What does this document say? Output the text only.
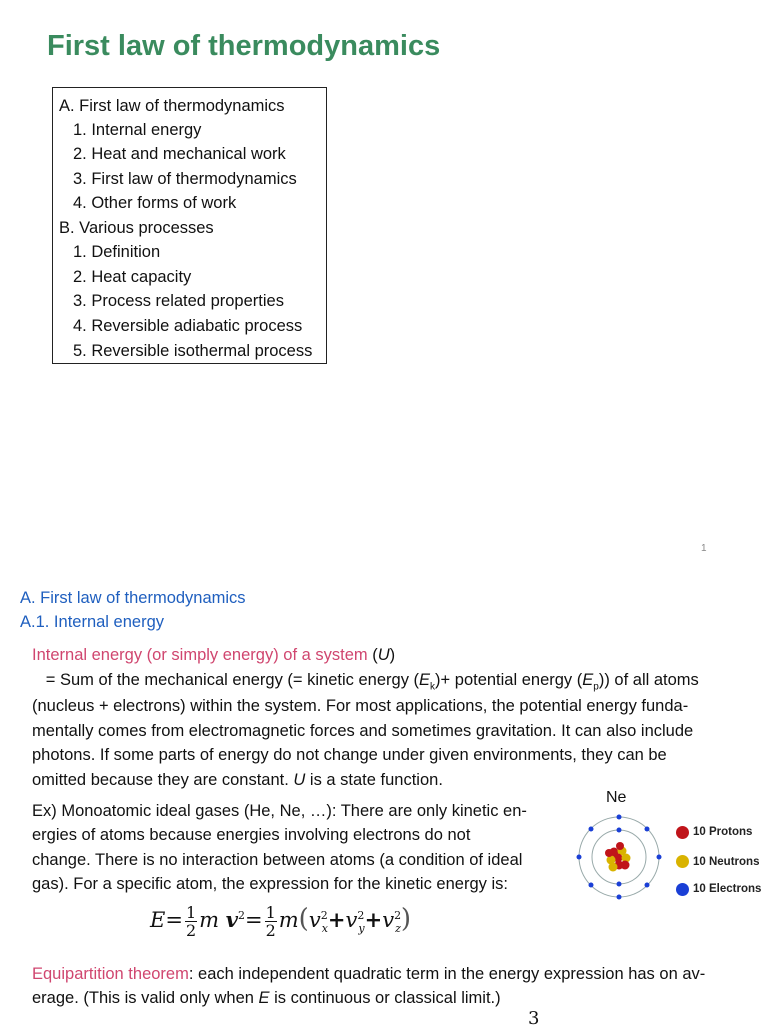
First law of thermodynamics
A. First law of thermodynamics
1. Internal energy
2. Heat and mechanical work
3. First law of thermodynamics
4. Other forms of work
B. Various processes
1. Definition
2. Heat capacity
3. Process related properties
4. Reversible adiabatic process
5. Reversible isothermal process
1
A. First law of thermodynamics
A.1. Internal energy
Internal energy (or simply energy) of a system (U)
= Sum of the mechanical energy (= kinetic energy $(E_k)+$ potential energy $(E_p)$) of all atoms
(nucleus + electrons) within the system. For most applications, the potential energy funda-
mentally comes from electromagnetic forces and sometimes gravitation. It can also include
photons. If some parts of energy do not change under given environments, they can be
omitted because they are constant. U is a state function.
Ex) Monoatomic ideal gases (He, Ne, …): There are only kinetic en-
ergies of atoms because energies involving electrons do not
change. There is no interaction between atoms (a condition of ideal
gas). For a specific atom, the expression for the kinetic energy is:
Ne
10 Protons
10 Neutrons
10 Electrons
$E= \frac{1}{2}$ m $v^2= \frac{1}{2} m(v^2_x+v^2_y+v^2_z)$
Equipartition theorem: each independent quadratic term in the energy expression has on av-
erage. (This is valid only when E is continuous or classical limit.)
3
